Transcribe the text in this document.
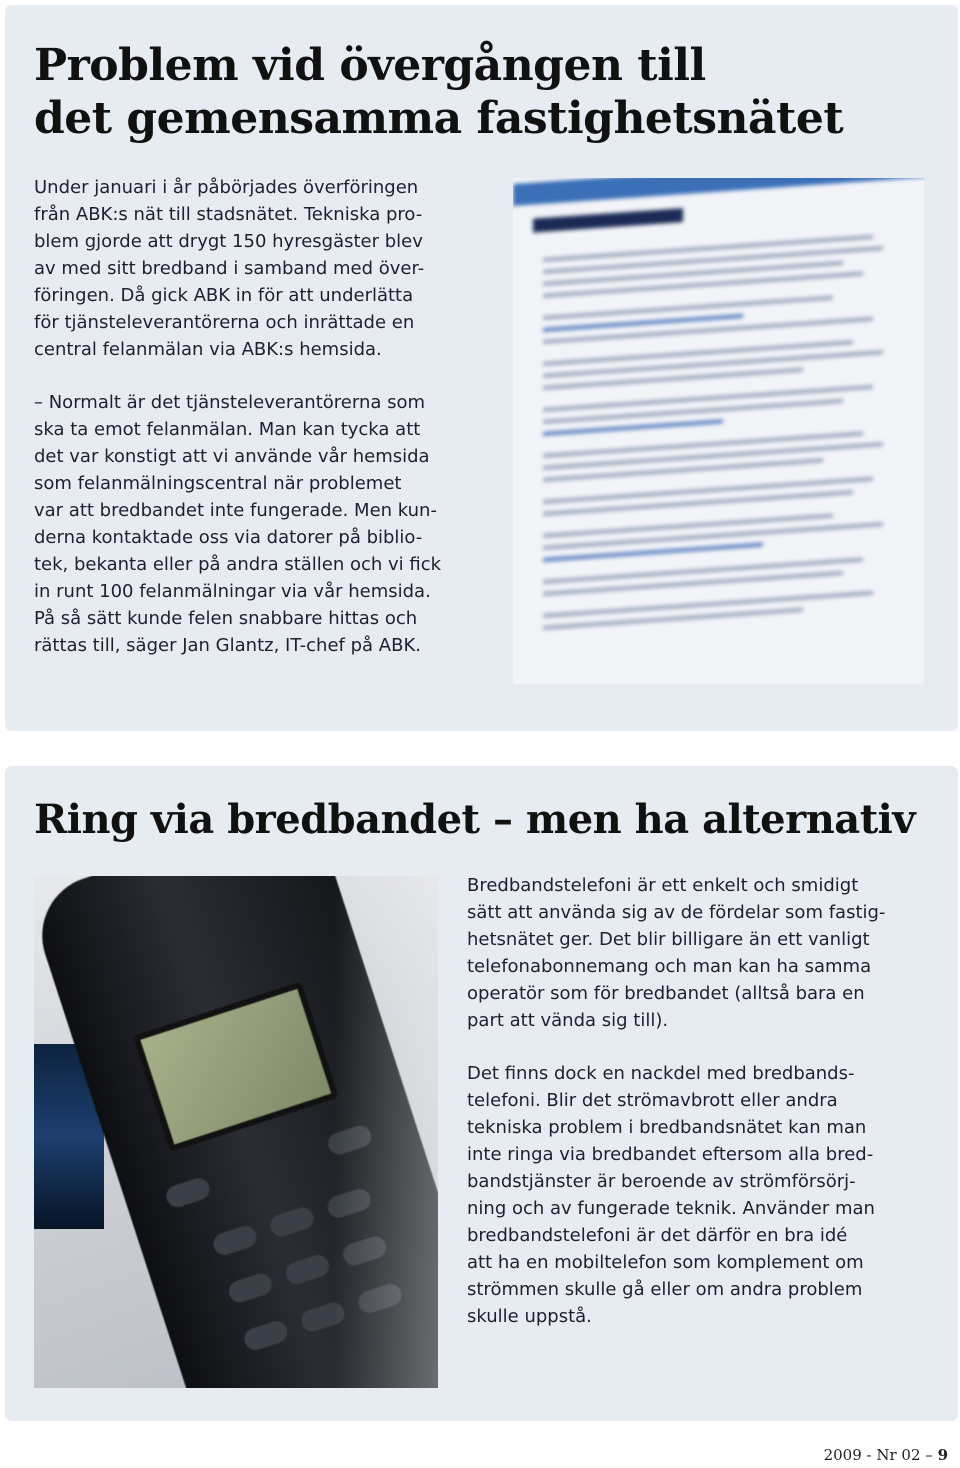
Problem vid övergången till
det gemensamma fastighetsnätet

Under januari i år påbörjades överföringen
från ABK:s nät till stadsnätet. Tekniska pro-
blem gjorde att drygt 150 hyresgäster blev
av med sitt bredband i samband med över-
föringen. Då gick ABK in för att underlätta
för tjänsteleverantörerna och inrättade en
central felanmälan via ABK:s hemsida.

– Normalt är det tjänsteleverantörerna som
ska ta emot felanmälan. Man kan tycka att
det var konstigt att vi använde vår hemsida
som felanmälningscentral när problemet
var att bredbandet inte fungerade. Men kun-
derna kontaktade oss via datorer på biblio-
tek, bekanta eller på andra ställen och vi fick
in runt 100 felanmälningar via vår hemsida.
På så sätt kunde felen snabbare hittas och
rättas till, säger Jan Glantz, IT-chef på ABK.

Ring via bredbandet – men ha alternativ

Bredbandstelefoni är ett enkelt och smidigt
sätt att använda sig av de fördelar som fastig-
hetsnätet ger. Det blir billigare än ett vanligt
telefonabonnemang och man kan ha samma
operatör som för bredbandet (alltså bara en
part att vända sig till).

Det finns dock en nackdel med bredbands-
telefoni. Blir det strömavbrott eller andra
tekniska problem i bredbandsnätet kan man
inte ringa via bredbandet eftersom alla bred-
bandstjänster är beroende av strömförsörj-
ning och av fungerade teknik. Använder man
bredbandstelefoni är det därför en bra idé
att ha en mobiltelefon som komplement om
strömmen skulle gå eller om andra problem
skulle uppstå.

2009 - Nr 02 – 9
